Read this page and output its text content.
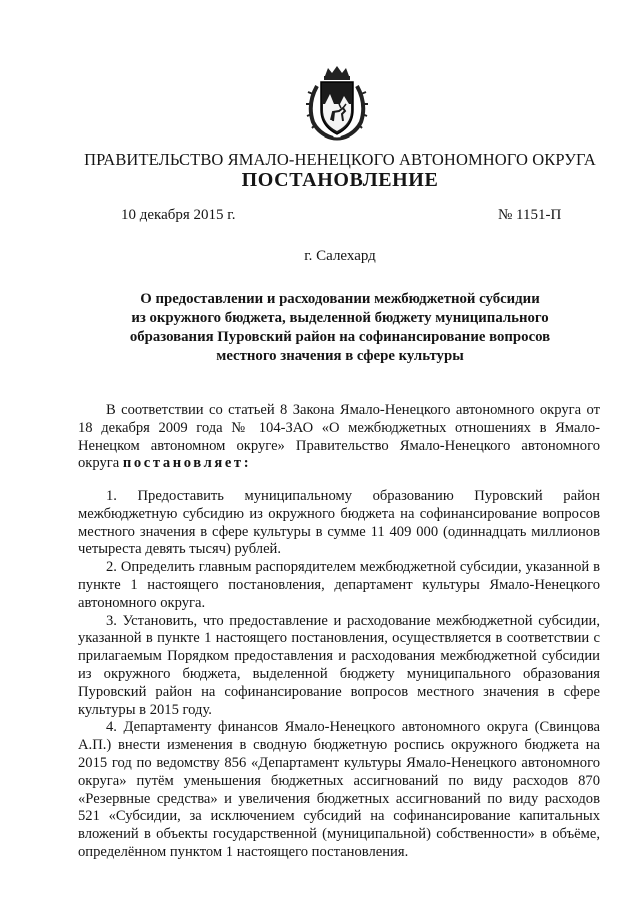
ПРАВИТЕЛЬСТВО ЯМАЛО-НЕНЕЦКОГО АВТОНОМНОГО ОКРУГА
ПОСТАНОВЛЕНИЕ
10 декабря 2015 г.	№ 1151-П
г. Салехард
О предоставлении и расходовании межбюджетной субсидии
из окружного бюджета, выделенной бюджету муниципального
образования Пуровский район на софинансирование вопросов
местного значения в сфере культуры

В соответствии со статьей 8 Закона Ямало-Ненецкого автономного округа от 18 декабря 2009 года № 104-ЗАО «О межбюджетных отношениях в Ямало-Ненецком автономном округе» Правительство Ямало-Ненецкого автономного округа постановляет:

1. Предоставить муниципальному образованию Пуровский район межбюджетную субсидию из окружного бюджета на софинансирование вопросов местного значения в сфере культуры в сумме 11 409 000 (одиннадцать миллионов четыреста девять тысяч) рублей.

2. Определить главным распорядителем межбюджетной субсидии, указанной в пункте 1 настоящего постановления, департамент культуры Ямало-Ненецкого автономного округа.

3. Установить, что предоставление и расходование межбюджетной субсидии, указанной в пункте 1 настоящего постановления, осуществляется в соответствии с прилагаемым Порядком предоставления и расходования межбюджетной субсидии из окружного бюджета, выделенной бюджету муниципального образования Пуровский район на софинансирование вопросов местного значения в сфере культуры в 2015 году.

4. Департаменту финансов Ямало-Ненецкого автономного округа (Свинцова А.П.) внести изменения в сводную бюджетную роспись окружного бюджета на 2015 год по ведомству 856 «Департамент культуры Ямало-Ненецкого автономного округа» путём уменьшения бюджетных ассигнований по виду расходов 870 «Резервные средства» и увеличения бюджетных ассигнований по виду расходов 521 «Субсидии, за исключением субсидий на софинансирование капитальных вложений в объекты государственной (муниципальной) собственности» в объёме, определённом пунктом 1 настоящего постановления.
